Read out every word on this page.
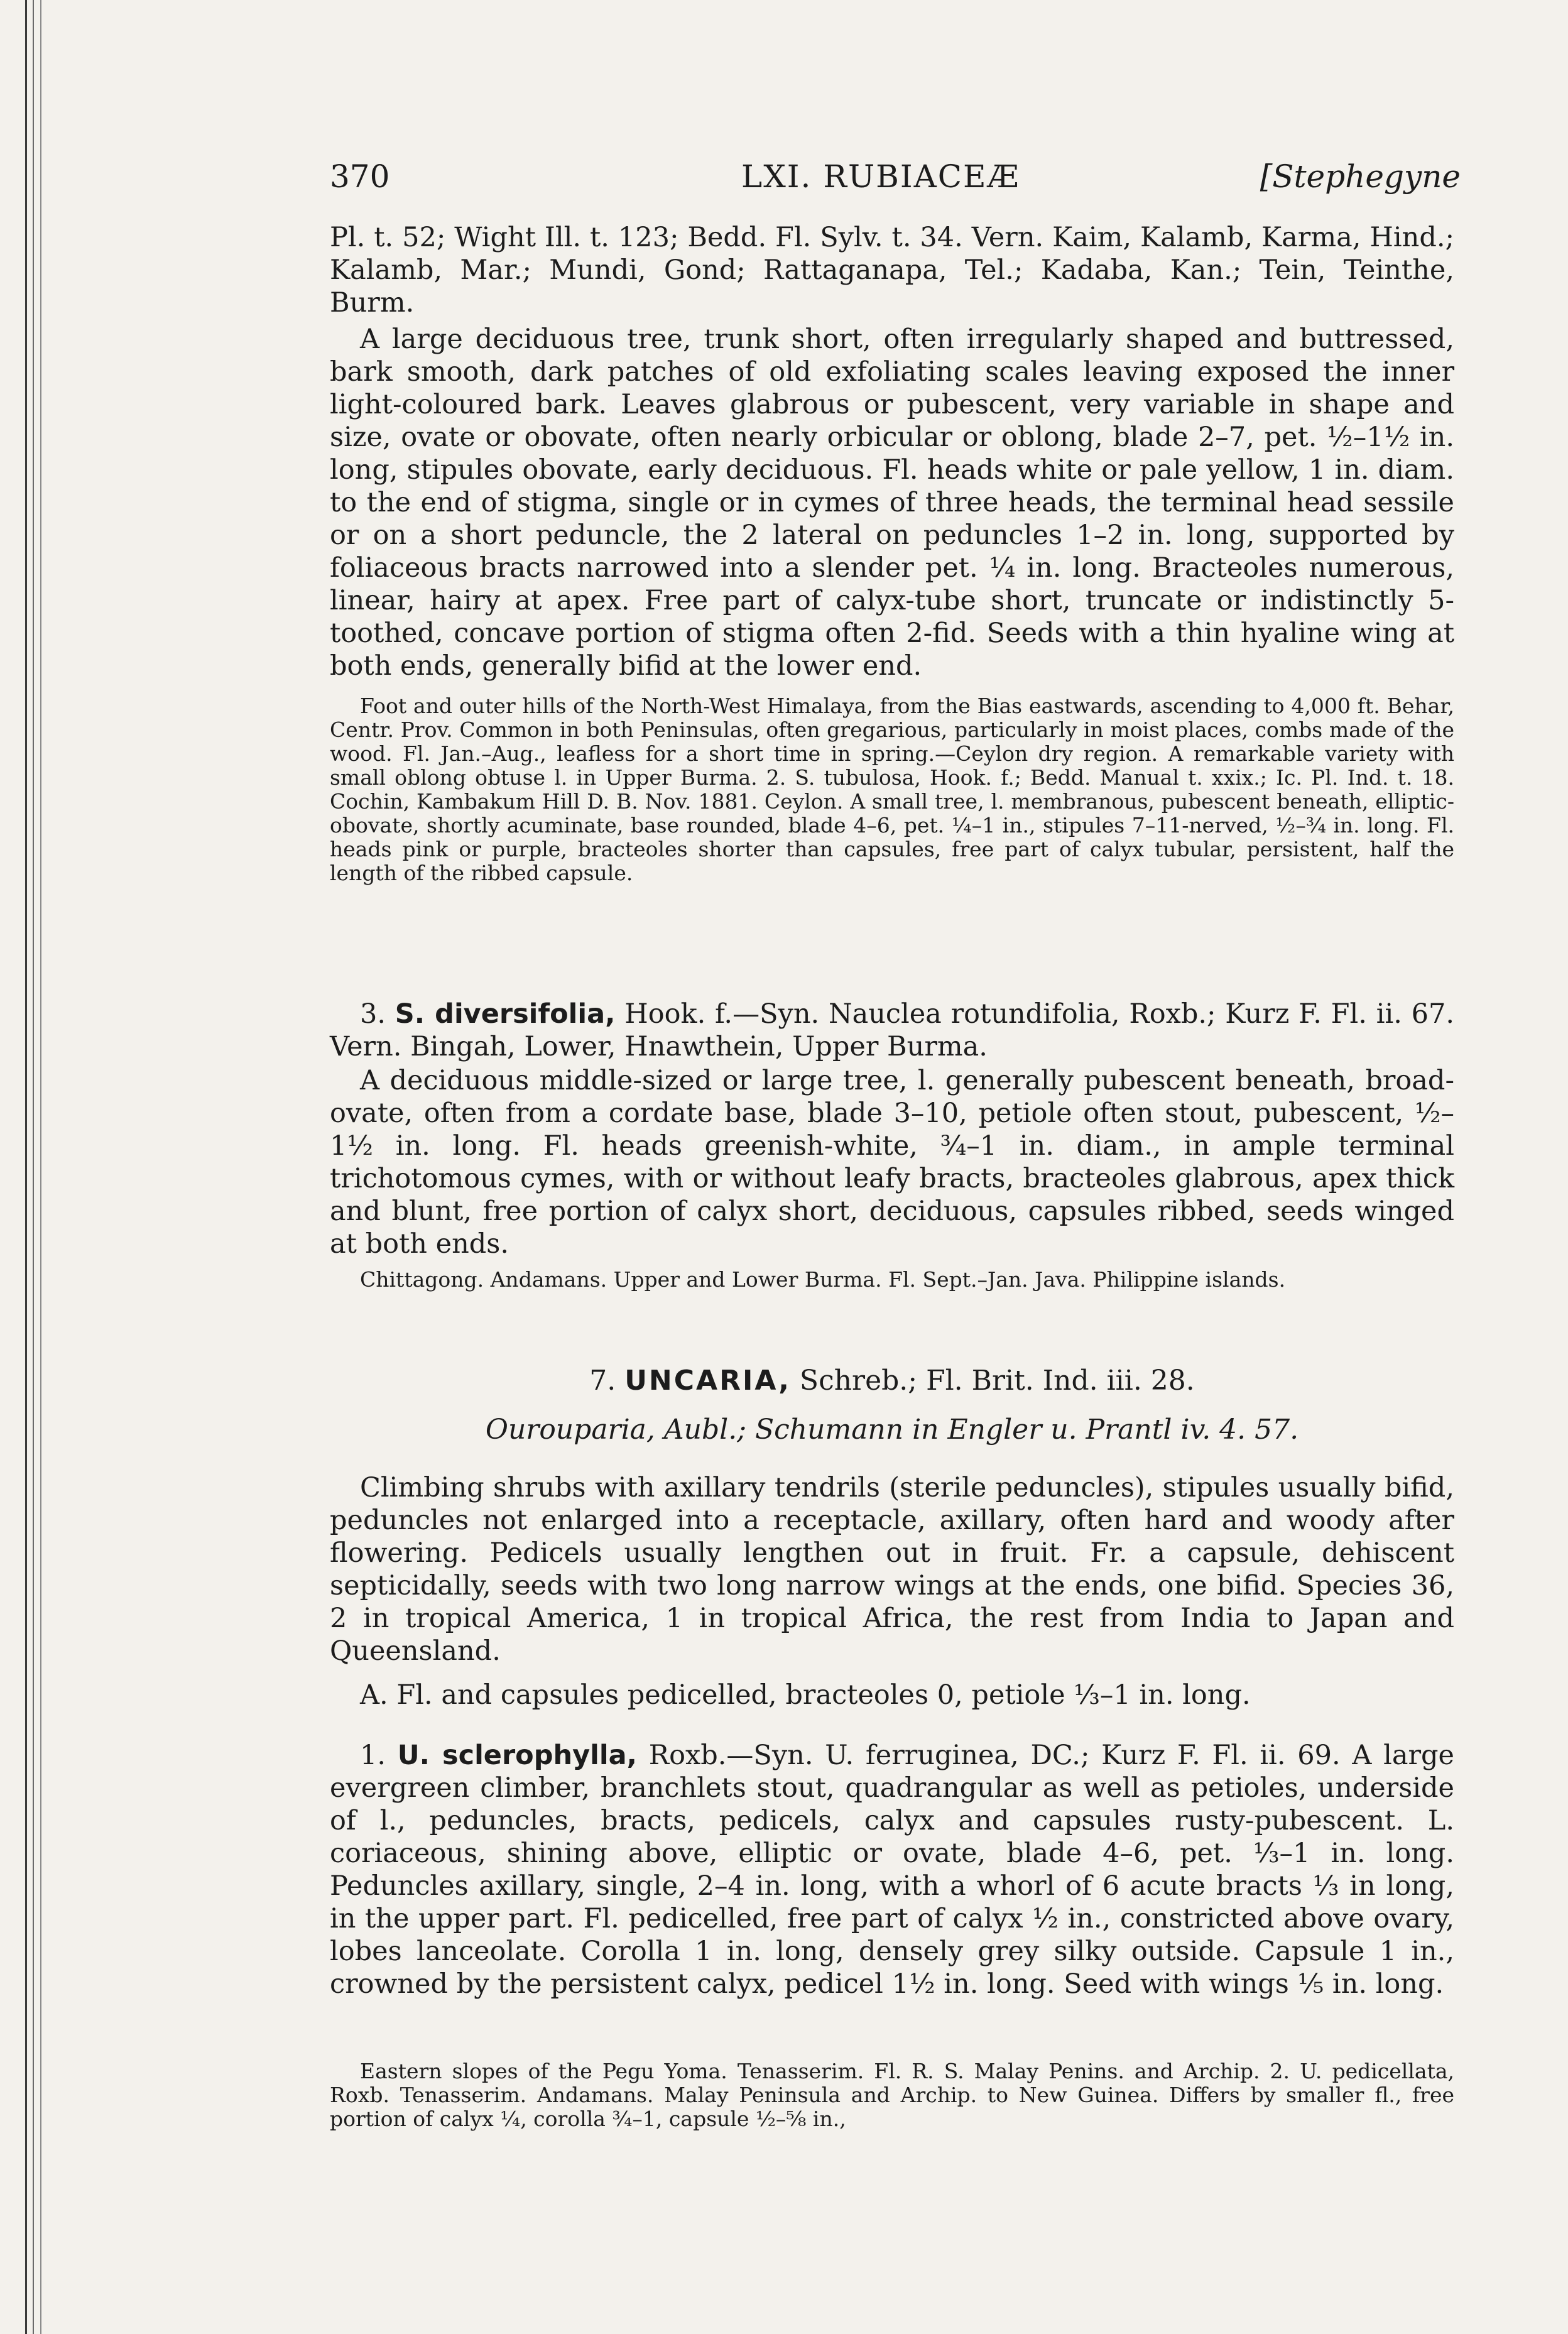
370	LXI. RUBIACEÆ	[Stephegyne

Pl. t. 52; Wight Ill. t. 123; Bedd. Fl. Sylv. t. 34. Vern. Kaim, Kalamb, Karma, Hind.; Kalamb, Mar.; Mundi, Gond; Rattaganapa, Tel.; Kadaba, Kan.; Tein, Teinthe, Burm.

A large deciduous tree, trunk short, often irregularly shaped and buttressed, bark smooth, dark patches of old exfoliating scales leaving exposed the inner light-coloured bark. Leaves glabrous or pubescent, very variable in shape and size, ovate or obovate, often nearly orbicular or oblong, blade 2–7, pet. ½–1½ in. long, stipules obovate, early deciduous. Fl. heads white or pale yellow, 1 in. diam. to the end of stigma, single or in cymes of three heads, the terminal head sessile or on a short peduncle, the 2 lateral on peduncles 1–2 in. long, supported by foliaceous bracts narrowed into a slender pet. ¼ in. long. Bracteoles numerous, linear, hairy at apex. Free part of calyx-tube short, truncate or indistinctly 5-toothed, concave portion of stigma often 2-fid. Seeds with a thin hyaline wing at both ends, generally bifid at the lower end.

Foot and outer hills of the North-West Himalaya, from the Bias eastwards, ascending to 4,000 ft. Behar, Centr. Prov. Common in both Peninsulas, often gregarious, particularly in moist places, combs made of the wood. Fl. Jan.–Aug., leafless for a short time in spring.—Ceylon dry region. A remarkable variety with small oblong obtuse l. in Upper Burma. 2. S. tubulosa, Hook. f.; Bedd. Manual t. xxix.; Ic. Pl. Ind. t. 18. Cochin, Kambakum Hill D. B. Nov. 1881. Ceylon. A small tree, l. membranous, pubescent beneath, elliptic-obovate, shortly acuminate, base rounded, blade 4–6, pet. ¼–1 in., stipules 7–11-nerved, ½–¾ in. long. Fl. heads pink or purple, bracteoles shorter than capsules, free part of calyx tubular, persistent, half the length of the ribbed capsule.

3. S. diversifolia, Hook. f.—Syn. Nauclea rotundifolia, Roxb.; Kurz F. Fl. ii. 67. Vern. Bingah, Lower, Hnawthein, Upper Burma.

A deciduous middle-sized or large tree, l. generally pubescent beneath, broad-ovate, often from a cordate base, blade 3–10, petiole often stout, pubescent, ½–1½ in. long. Fl. heads greenish-white, ¾–1 in. diam., in ample terminal trichotomous cymes, with or without leafy bracts, bracteoles glabrous, apex thick and blunt, free portion of calyx short, deciduous, capsules ribbed, seeds winged at both ends.

Chittagong. Andamans. Upper and Lower Burma. Fl. Sept.–Jan. Java. Philippine islands.

7. UNCARIA, Schreb.; Fl. Brit. Ind. iii. 28.
Ourouparia, Aubl.; Schumann in Engler u. Prantl iv. 4. 57.

Climbing shrubs with axillary tendrils (sterile peduncles), stipules usually bifid, peduncles not enlarged into a receptacle, axillary, often hard and woody after flowering. Pedicels usually lengthen out in fruit. Fr. a capsule, dehiscent septicidally, seeds with two long narrow wings at the ends, one bifid. Species 36, 2 in tropical America, 1 in tropical Africa, the rest from India to Japan and Queensland.

A. Fl. and capsules pedicelled, bracteoles 0, petiole ⅓–1 in. long.

1. U. sclerophylla, Roxb.—Syn. U. ferruginea, DC.; Kurz F. Fl. ii. 69. A large evergreen climber, branchlets stout, quadrangular as well as petioles, underside of l., peduncles, bracts, pedicels, calyx and capsules rusty-pubescent. L. coriaceous, shining above, elliptic or ovate, blade 4–6, pet. ⅓–1 in. long. Peduncles axillary, single, 2–4 in. long, with a whorl of 6 acute bracts ⅓ in long, in the upper part. Fl. pedicelled, free part of calyx ½ in., constricted above ovary, lobes lanceolate. Corolla 1 in. long, densely grey silky outside. Capsule 1 in., crowned by the persistent calyx, pedicel 1½ in. long. Seed with wings ⅕ in. long.

Eastern slopes of the Pegu Yoma. Tenasserim. Fl. R. S. Malay Penins. and Archip. 2. U. pedicellata, Roxb. Tenasserim. Andamans. Malay Peninsula and Archip. to New Guinea. Differs by smaller fl., free portion of calyx ¼, corolla ¾–1, capsule ½–⅝ in.,
